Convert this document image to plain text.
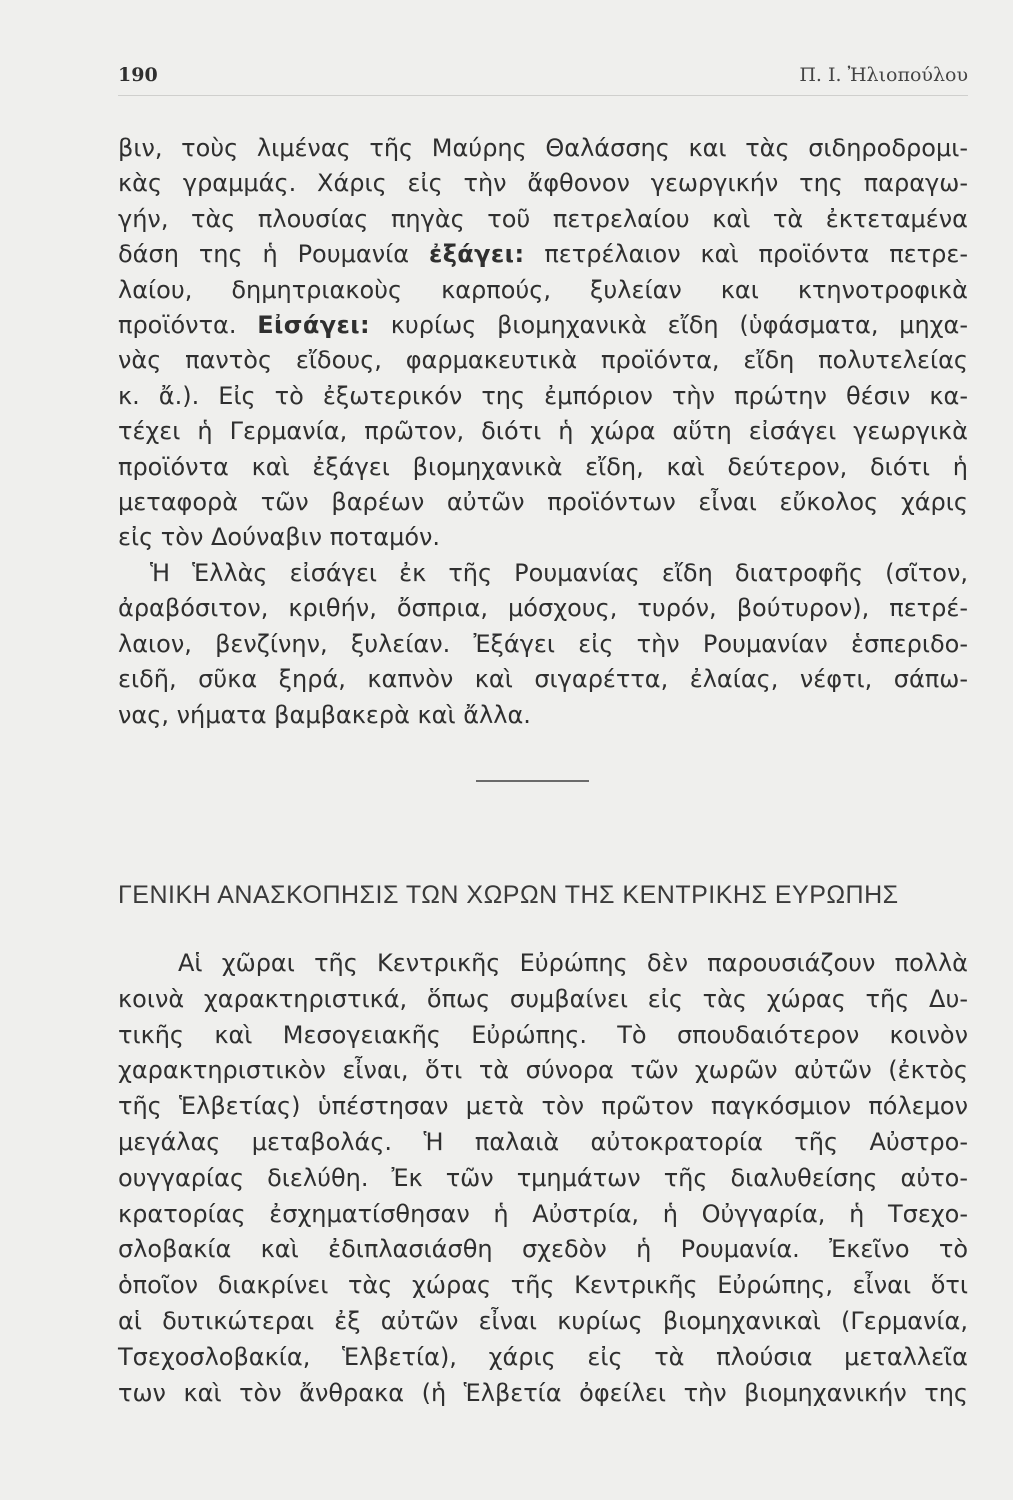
190	Π. Ι. Ἠλιοπούλου
βιν, τοὺς λιμένας τῆς Μαύρης Θαλάσσης και τὰς σιδηροδρομι-
κὰς γραμμάς. Χάρις εἰς τὴν ἄφθονον γεωργικήν της παραγω-
γήν, τὰς πλουσίας πηγὰς τοῦ πετρελαίου καὶ τὰ ἐκτεταμένα
δάση της ἡ Ρουμανία ἐξάγει: πετρέλαιον καὶ προϊόντα πετρε-
λαίου, δημητριακοὺς καρπούς, ξυλείαν και κτηνοτροφικὰ
προϊόντα. Εἰσάγει: κυρίως βιομηχανικὰ εἴδη (ὑφάσματα, μηχα-
νὰς παντὸς εἴδους, φαρμακευτικὰ προϊόντα, εἴδη πολυτελείας
κ. ἄ.). Εἰς τὸ ἐξωτερικόν της ἐμπόριον τὴν πρώτην θέσιν κα-
τέχει ἡ Γερμανία, πρῶτον, διότι ἡ χώρα αὕτη εἰσάγει γεωργικὰ
προϊόντα καὶ ἐξάγει βιομηχανικὰ εἴδη, καὶ δεύτερον, διότι ἡ
μεταφορὰ τῶν βαρέων αὐτῶν προϊόντων εἶναι εὔκολος χάρις
εἰς τὸν Δούναβιν ποταμόν.
Ἡ Ἑλλὰς εἰσάγει ἐκ τῆς Ρουμανίας εἴδη διατροφῆς (σῖτον,
ἀραβόσιτον, κριθήν, ὄσπρια, μόσχους, τυρόν, βούτυρον), πετρέ-
λαιον, βενζίνην, ξυλείαν. Ἐξάγει εἰς τὴν Ρουμανίαν ἑσπεριδο-
ειδῆ, σῦκα ξηρά, καπνὸν καὶ σιγαρέττα, ἐλαίας, νέφτι, σάπω-
νας, νήματα βαμβακερὰ καὶ ἄλλα.
ΓΕΝΙΚΗ ΑΝΑΣΚΟΠΗΣΙΣ ΤΩΝ ΧΩΡΩΝ ΤΗΣ ΚΕΝΤΡΙΚΗΣ ΕΥΡΩΠΗΣ
Αἱ χῶραι τῆς Κεντρικῆς Εὐρώπης δὲν παρουσιάζουν πολλὰ
κοινὰ χαρακτηριστικά, ὅπως συμβαίνει εἰς τὰς χώρας τῆς Δυ-
τικῆς καὶ Μεσογειακῆς Εὐρώπης. Τὸ σπουδαιότερον κοινὸν
χαρακτηριστικὸν εἶναι, ὅτι τὰ σύνορα τῶν χωρῶν αὐτῶν (ἐκτὸς
τῆς Ἑλβετίας) ὑπέστησαν μετὰ τὸν πρῶτον παγκόσμιον πόλεμον
μεγάλας μεταβολάς. Ἡ παλαιὰ αὐτοκρατορία τῆς Αὐστρο-
ουγγαρίας διελύθη. Ἐκ τῶν τμημάτων τῆς διαλυθείσης αὐτο-
κρατορίας ἐσχηματίσθησαν ἡ Αὐστρία, ἡ Οὐγγαρία, ἡ Τσεχο-
σλοβακία καὶ ἐδιπλασιάσθη σχεδὸν ἡ Ρουμανία. Ἐκεῖνο τὸ
ὁποῖον διακρίνει τὰς χώρας τῆς Κεντρικῆς Εὐρώπης, εἶναι ὅτι
αἱ δυτικώτεραι ἐξ αὐτῶν εἶναι κυρίως βιομηχανικαὶ (Γερμανία,
Τσεχοσλοβακία, Ἑλβετία), χάρις εἰς τὰ πλούσια μεταλλεῖα
των καὶ τὸν ἄνθρακα (ἡ Ἑλβετία ὀφείλει τὴν βιομηχανικήν της
